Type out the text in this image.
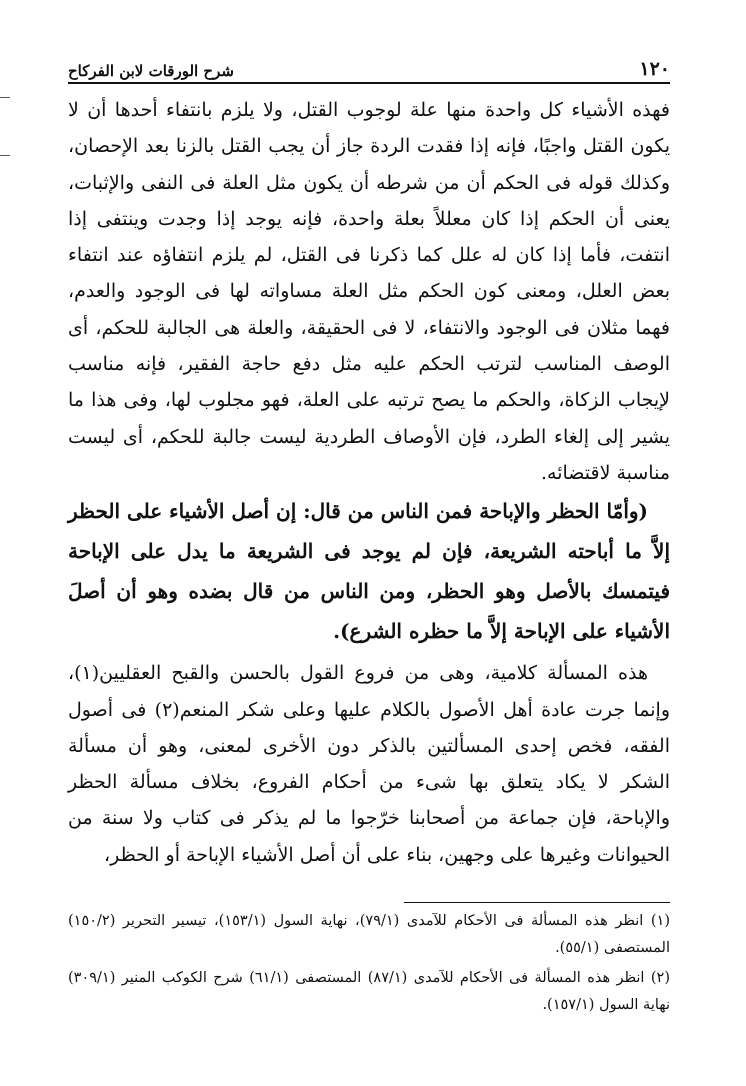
١٢٠
شرح الورقات لابن الفركاح

فهذه الأشياء كل واحدة منها علة لوجوب القتل، ولا يلزم بانتفاء أحدها أن لا يكون القتل واجبًا، فإنه إذا فقدت الردة جاز أن يجب القتل بالزنا بعد الإحصان، وكذلك قوله فى الحكم أن من شرطه أن يكون مثل العلة فى النفى والإثبات، يعنى أن الحكم إذا كان معللاً بعلة واحدة، فإنه يوجد إذا وجدت وينتفى إذا انتفت، فأما إذا كان له علل كما ذكرنا فى القتل، لم يلزم انتفاؤه عند انتفاء بعض العلل، ومعنى كون الحكم مثل العلة مساواته لها فى الوجود والعدم، فهما مثلان فى الوجود والانتفاء، لا فى الحقيقة، والعلة هى الجالبة للحكم، أى الوصف المناسب لترتب الحكم عليه مثل دفع حاجة الفقير، فإنه مناسب لإيجاب الزكاة، والحكم ما يصح ترتبه على العلة، فهو مجلوب لها، وفى هذا ما يشير إلى إلغاء الطرد، فإن الأوصاف الطردية ليست جالبة للحكم، أى ليست مناسبة لاقتضائه.

(وأمّا الحظر والإباحة فمن الناس من قال: إن أصل الأشياء على الحظر إلاَّ ما أباحته الشريعة، فإن لم يوجد فى الشريعة ما يدل على الإباحة فيتمسك بالأصل وهو الحظر، ومن الناس من قال بضده وهو أن أصلَ الأشياء على الإباحة إلاَّ ما حظره الشرع).

هذه المسألة كلامية، وهى من فروع القول بالحسن والقبح العقليين(١)، وإنما جرت عادة أهل الأصول بالكلام عليها وعلى شكر المنعم(٢) فى أصول الفقه، فخص إحدى المسألتين بالذكر دون الأخرى لمعنى، وهو أن مسألة الشكر لا يكاد يتعلق بها شىء من أحكام الفروع، بخلاف مسألة الحظر والإباحة، فإن جماعة من أصحابنا خرّجوا ما لم يذكر فى كتاب ولا سنة من الحيوانات وغيرها على وجهين، بناء على أن أصل الأشياء الإباحة أو الحظر،

(١) انظر هذه المسألة فى الأحكام للآمدى (٧٩/١)، نهاية السول (١٥٣/١)، تيسير التحرير (١٥٠/٢) المستصفى (٥٥/١).

(٢) انظر هذه المسألة فى الأحكام للآمدى (٨٧/١) المستصفى (٦١/١) شرح الكوكب المنير (٣٠٩/١) نهاية السول (١٥٧/١).
